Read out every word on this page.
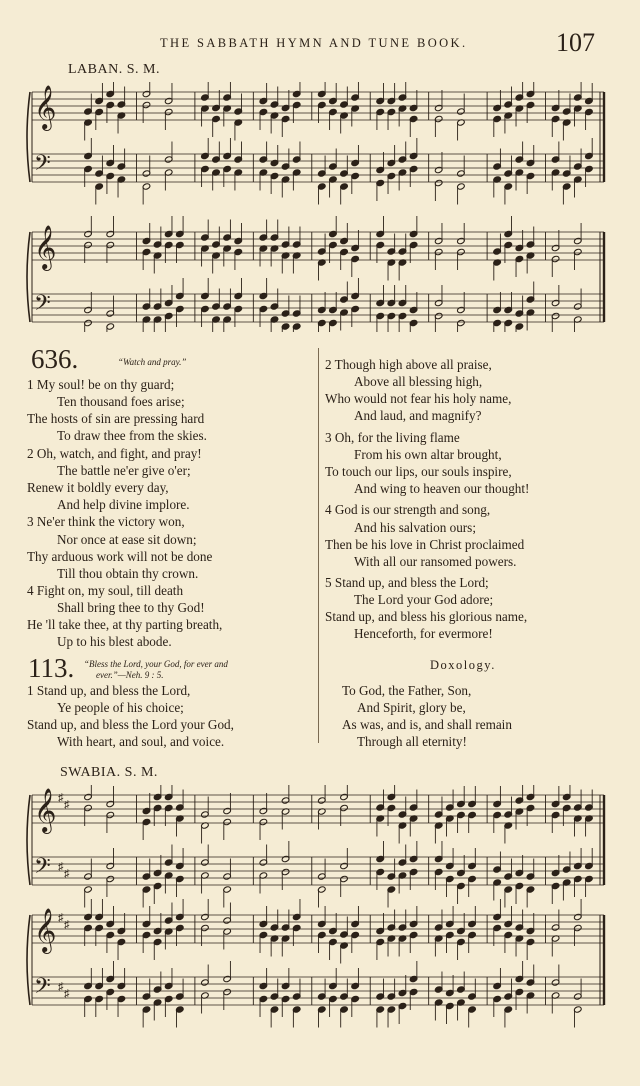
THE SABBATH HYMN AND TUNE BOOK.	107
LABAN. S. M.
𝄞
𝄢
𝄞
𝄢
636.	“Watch and pray.”
1 My soul! be on thy guard;
Ten thousand foes arise;
The hosts of sin are pressing hard
To draw thee from the skies.
2 Oh, watch, and fight, and pray!
The battle ne'er give o'er;
Renew it boldly every day,
And help divine implore.
3 Ne'er think the victory won,
Nor once at ease sit down;
Thy arduous work will not be done
Till thou obtain thy crown.
4 Fight on, my soul, till death
Shall bring thee to thy God!
He 'll take thee, at thy parting breath,
Up to his blest abode.
113. “Bless the Lord, your God, for ever and
ever.”—Neh. 9 : 5.
1 Stand up, and bless the Lord,
Ye people of his choice;
Stand up, and bless the Lord your God,
With heart, and soul, and voice.
2 Though high above all praise,
Above all blessing high,
Who would not fear his holy name,
And laud, and magnify?
3 Oh, for the living flame
From his own altar brought,
To touch our lips, our souls inspire,
And wing to heaven our thought!
4 God is our strength and song,
And his salvation ours;
Then be his love in Christ proclaimed
With all our ransomed powers.
5 Stand up, and bless the Lord;
The Lord your God adore;
Stand up, and bless his glorious name,
Henceforth, for evermore!
Doxology.
To God, the Father, Son,
And Spirit, glory be,
As was, and is, and shall remain
Through all eternity!
SWABIA. S. M.
𝄞
𝄢
♯
♯
♯
♯
𝄞
𝄢
♯
♯
♯
♯
